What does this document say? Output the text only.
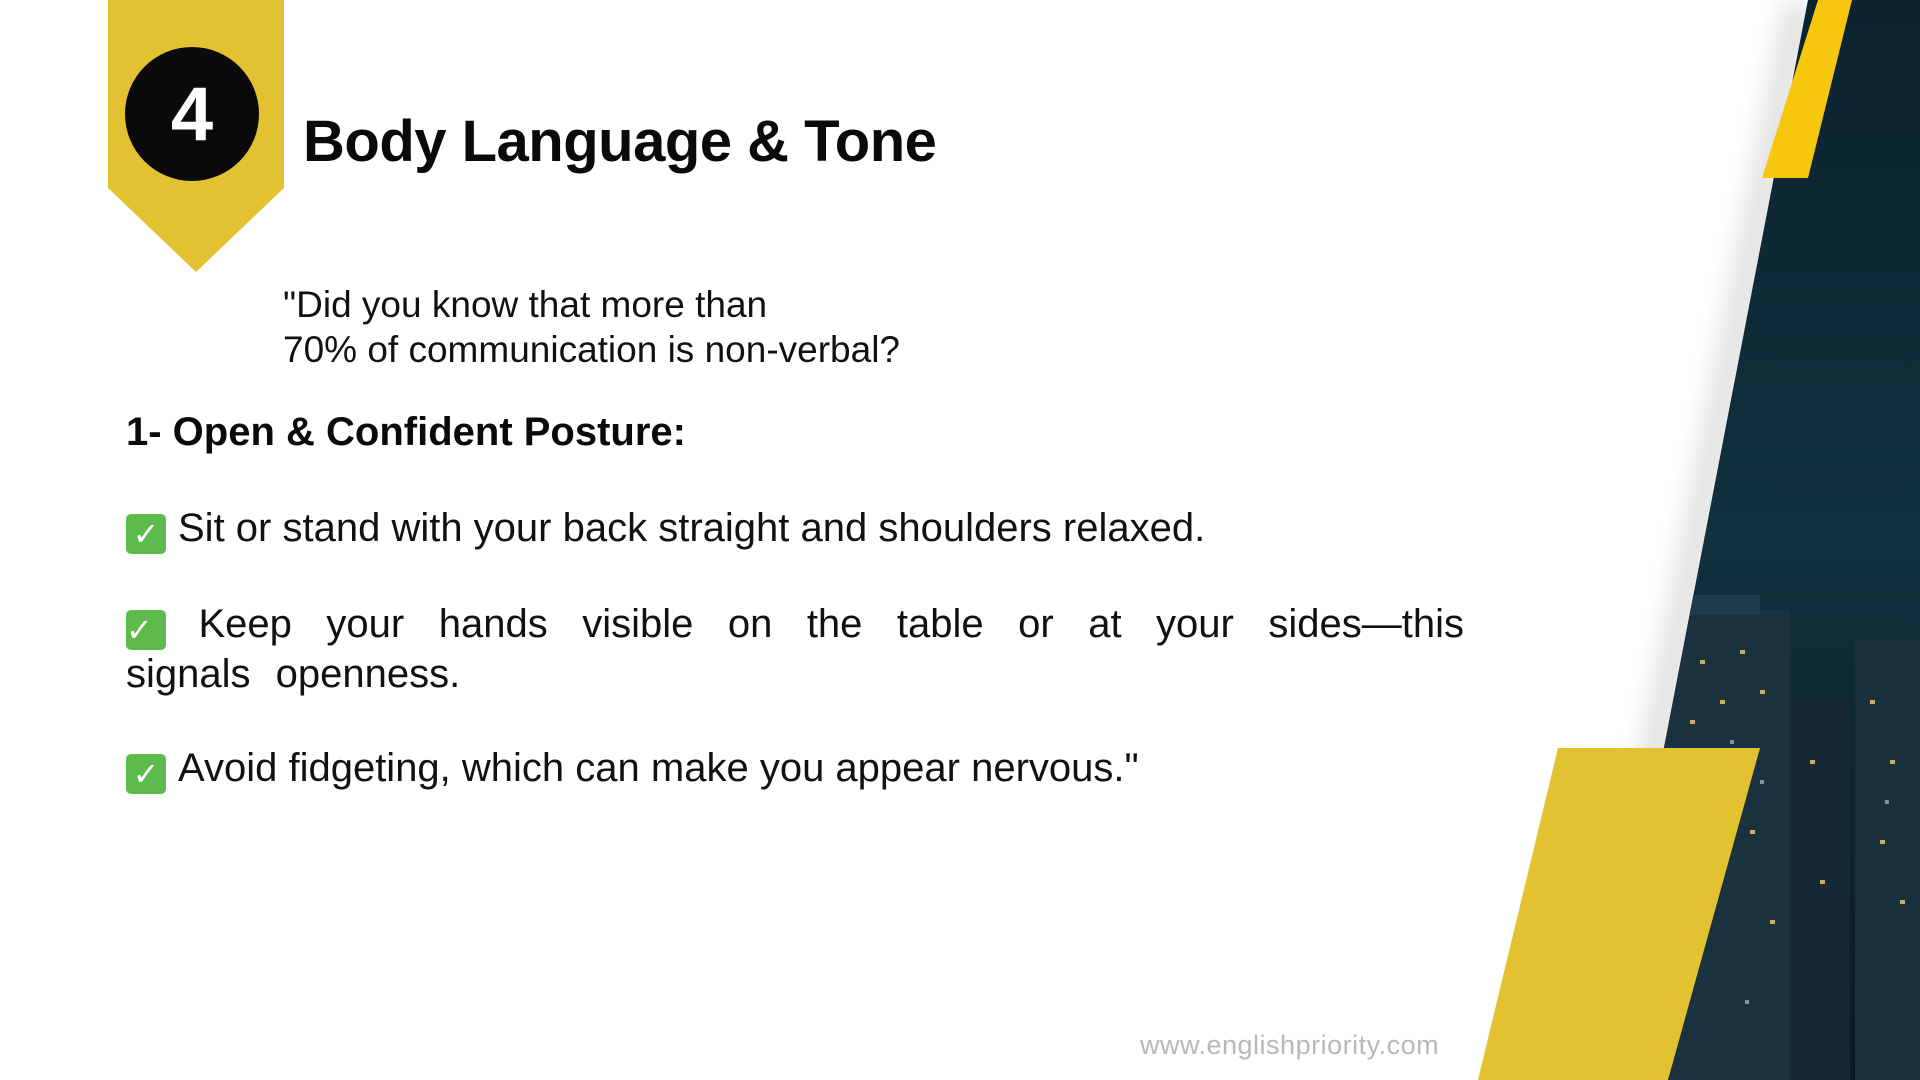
4	Body Language & Tone
"Did you know that more than
70% of communication is non-verbal?
1- Open & Confident Posture:
✓ Sit or stand with your back straight and shoulders relaxed.
✓ Keep your hands visible on the table or at your sides—this signals openness.
✓ Avoid fidgeting, which can make you appear nervous."
www.englishpriority.com
